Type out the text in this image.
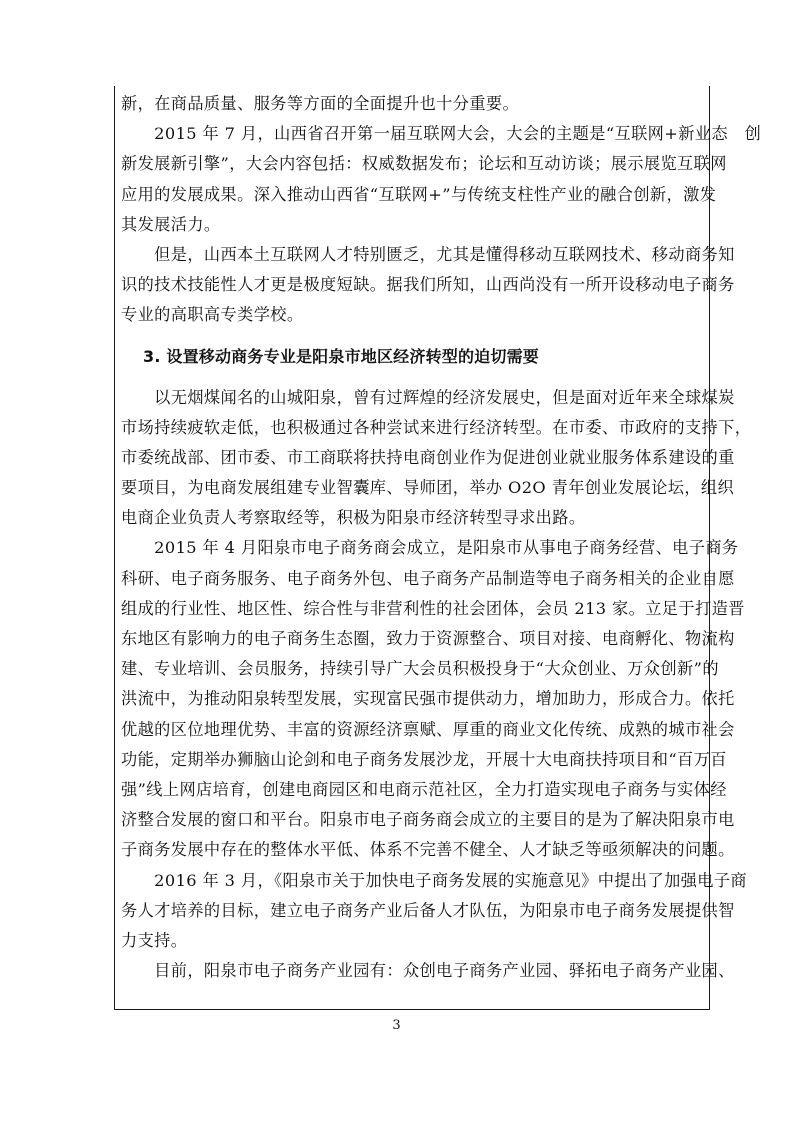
新，在商品质量、服务等方面的全面提升也十分重要。
　　2015 年 7 月，山西省召开第一届互联网大会，大会的主题是“互联网+新业态　创
新发展新引擎”，大会内容包括：权威数据发布；论坛和互动访谈；展示展览互联网
应用的发展成果。深入推动山西省“互联网+”与传统支柱性产业的融合创新，激发
其发展活力。
　　但是，山西本土互联网人才特别匮乏，尤其是懂得移动互联网技术、移动商务知
识的技术技能性人才更是极度短缺。据我们所知，山西尚没有一所开设移动电子商务
专业的高职高专类学校。
3. 设置移动商务专业是阳泉市地区经济转型的迫切需要
　　以无烟煤闻名的山城阳泉，曾有过辉煌的经济发展史，但是面对近年来全球煤炭
市场持续疲软走低，也积极通过各种尝试来进行经济转型。在市委、市政府的支持下，
市委统战部、团市委、市工商联将扶持电商创业作为促进创业就业服务体系建设的重
要项目，为电商发展组建专业智囊库、导师团，举办 O2O 青年创业发展论坛，组织
电商企业负责人考察取经等，积极为阳泉市经济转型寻求出路。
　　2015 年 4 月阳泉市电子商务商会成立，是阳泉市从事电子商务经营、电子商务
科研、电子商务服务、电子商务外包、电子商务产品制造等电子商务相关的企业自愿
组成的行业性、地区性、综合性与非营利性的社会团体，会员 213 家。立足于打造晋
东地区有影响力的电子商务生态圈，致力于资源整合、项目对接、电商孵化、物流构
建、专业培训、会员服务，持续引导广大会员积极投身于“大众创业、万众创新”的
洪流中，为推动阳泉转型发展，实现富民强市提供动力，增加助力，形成合力。依托
优越的区位地理优势、丰富的资源经济禀赋、厚重的商业文化传统、成熟的城市社会
功能，定期举办狮脑山论剑和电子商务发展沙龙，开展十大电商扶持项目和“百万百
强”线上网店培育，创建电商园区和电商示范社区，全力打造实现电子商务与实体经
济整合发展的窗口和平台。阳泉市电子商务商会成立的主要目的是为了解决阳泉市电
子商务发展中存在的整体水平低、体系不完善不健全、人才缺乏等亟须解决的问题。
　　2016 年 3 月，《阳泉市关于加快电子商务发展的实施意见》中提出了加强电子商
务人才培养的目标，建立电子商务产业后备人才队伍，为阳泉市电子商务发展提供智
力支持。
　　目前，阳泉市电子商务产业园有：众创电子商务产业园、驿拓电子商务产业园、
3
